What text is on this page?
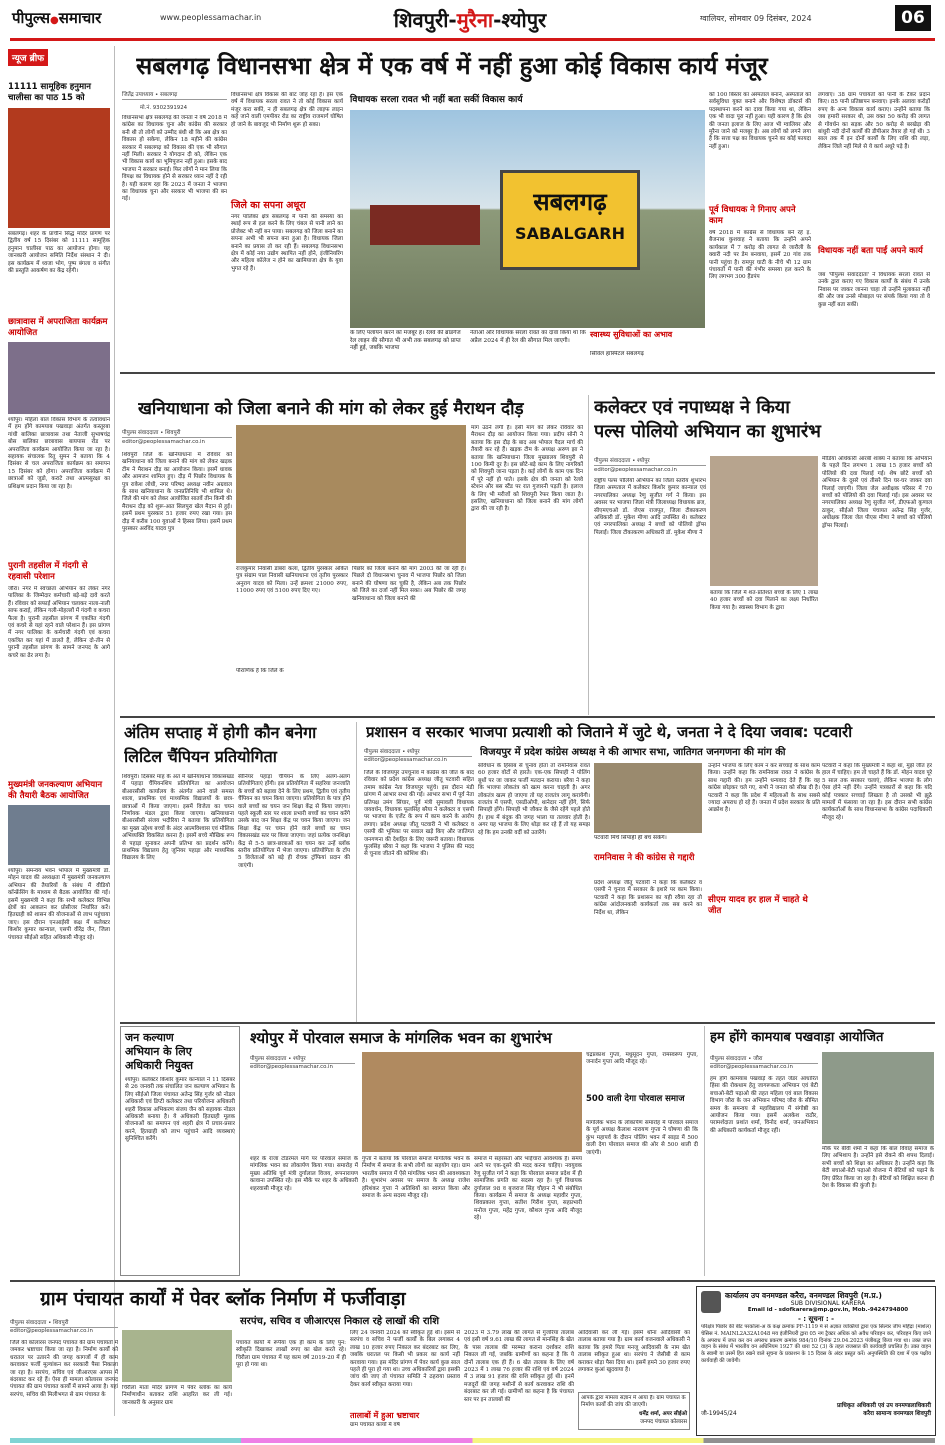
पीपुल्स●समाचार	www.peoplessamachar.in	शिवपुरी-मुरैना-श्योपुर	ग्वालियर, सोमवार 09 दिसंबर, 2024	06
न्यूज ब्रीफ
11111 सामूहिक हनुमान चालीसा का पाठ 15 को
सबलगढ़। शहर के प्राचीन सिद्ध मंदिर प्रांगण पर द्वितीय वर्ष 15 दिसंबर को 11111 सामूहिक हनुमान चालीसा पाठ का आयोजन होगा। यह जानकारी आयोजन समिति निर्देश संस्थान ने दी। इस कार्यक्रम में ध्वजा भोग, पुष्प बंगला व संगीत की प्रस्तुति आकर्षण का केंद्र रहेगी।
छात्रावास में अपराजिता कार्यक्रम आयोजित
श्योपुर। महिला बाल विकास विभाग के तत्वावधान में हम होंगे कामयाब पखवाड़ा अंतर्गत कस्तूरबा गांधी बालिका छात्रावास तथा नेताजी सुभाषचंद्र बोस बालिका छात्रावास बायपास रोड पर अपराजिता कार्यक्रम आयोजित किया जा रहा है। सहायक संचालक रितु सुमन ने बताया कि 4 दिसंबर से चल अपराजिता कार्यक्रम का समापन 15 दिसंबर को होगा। अपराजिता कार्यक्रम में छात्राओं को जूडो, कराटे तथा आत्मसुरक्षा का प्रशिक्षण प्रदान किया जा रहा है।
पुरानी तहसील में गंदगी से रहवासी परेशान
जौरा। नगर में स्वच्छता अभियान को लेकर नगर पालिका के जिम्मेदार कर्मचारी बड़े-बड़े दावे करते हैं। रविवार को सफाई अभियान चलाकर नाला-नाली साफ कराई, लेकिन गली-मोहल्लों में गंदगी व कचरा फैला है। पुरानी तहसील प्रांगण में एकत्रित गंदगी एवं कचरे से यहां रहने वाले परेशान हैं। इस प्रांगण में नगर पालिका के कर्मचारी गंदगी एवं कचरा एकत्रित कर यहां में डालते हैं, लेकिन दो-तीन से पुरानी तहसील प्रांगण के सामने जनपद के आगे कचरे का ढेर लगा है।
मुख्यमंत्री जनकल्याण अभियान की तैयारी बैठक आयोजित
श्योपुर। समन्वय भवन भोपाल में मुख्यमंत्री डॉ. मोहन यादव की अध्यक्षता में मुख्यमंत्री जनकल्याण अभियान की तैयारियों के संबंध में वीडियो कॉन्फ्रेंसिंग के माध्यम से बैठक आयोजित की गई। इसमें मुख्यमंत्री ने कहा कि सभी कलेक्टर विभिन्न क्षेत्रों का आकलन कर प्रोसीजर निर्धारित करें। हितग्राही को शासन की योजनाओं से लाभ पहुंचाया जाए। इस दौरान एनआईसी कक्ष में कलेक्टर किशोर कुमार कान्याल, एसपी वीरेंद्र जैन, जिला पंचायत सीईओ सहित अधिकारी मौजूद रहे।
सबलगढ़ विधानसभा क्षेत्र में एक वर्ष में नहीं हुआ कोई विकास कार्य मंजूर
जितेंद्र उपाध्याय • सबलगढ़
मो.नं. 9302391924
विधानसभा क्षेत्र सबलगढ़ की जनता ने वर्ष 2018 में कांग्रेस का विधायक चुना और कांग्रेस की सरकार बनी थी तो लोगों को उम्मीद बंधी थी कि अब क्षेत्र का विकास हो सकेगा, लेकिन 18 महीने की कांग्रेस सरकार में सबलगढ़ को विकास की एक भी सौगात नहीं मिली। सरकार ने योगदान दी को, लेकिन एक भी विकास कार्य का भूमिपूजन नहीं हुआ। इसके बाद भाजपा ने सरकार बनाई। फिर लोगों ने मान लिया कि विपक्ष का विधायक होने से सरकार ध्यान नहीं दे रही है। यही कारण रहा कि 2023 में जनता ने भाजपा का विधायक चुना और सरकार भी भाजपा की बन गई।
विधानसभा क्षेत्र विकास की बाट जोह रहा है। इस एक वर्ष में विधायक सरला रावत ने तो कोई विकास कार्य मंजूर करा सकीं, न ही सबलगढ़ क्षेत्र की लाइफ लाइन कहे जाने वाली एमपीयर रोड का राष्ट्रीय राजमार्ग घोषित हो जाने के बावजूद भी निर्माण शुरू हो सका।
जिले का सपना अधूरा
नगर पालिका क्षेत्र सबलगढ़ में पानी की समस्या का स्थाई रूप से हल करने के लिए चंबल से पानी लाने का प्रोजेक्ट भी नहीं बन पाया। सबलगढ़ को जिला बनाने का सपना अभी भी सपना बना हुआ है। विधायक जिला बनाने का प्रयास तो कर रही हैं। सबलगढ़ विधानसभा क्षेत्र में कोई नया उद्योग स्थापित नहीं होने, इंजीनियरिंग और महिला कॉलेज न होने का खामियाजा क्षेत्र के युवा भुगत रहे हैं।
विधायक सरला रावत भी नहीं बता सकीं विकास कार्य
सबलगढ़
SABALGARH
के लिए पलायन करने को मजबूर हैं। रेलवे की ब्रॉडगेज रेल लाइन की सौगात भी अभी तक सबलगढ़ को प्राप्त नहीं हुई, जबकि भाजपा
नेताओं और विधायक सरला रावत का दावा किया था कि अप्रैल 2024 में ही रेल की सौगात मिल जाएगी।
स्वास्थ्य सुविधाओं का अभाव
सिविल हॉस्पिटल सबलगढ़
को 100 बिस्तर का अस्पताल बनाने, अस्पताल को सर्वसुविधा युक्त बनाने और विशेषज्ञ डॉक्टर्स की पदस्थापना करने का दावा किया गया था, लेकिन एक भी वादा पूरा नहीं हुआ। यही कारण है कि क्षेत्र की जनता इलाज के लिए आज भी ग्वालियर और मुरैना जाने को मजबूर है। अब लोगों को लगने लगा है कि सत्ता पक्ष का विधायक चुनने का कोई फायदा नहीं हुआ।
पूर्व विधायक ने गिनाए अपने काम
वर्ष 2018 में कांग्रेस से विधायक बने रहे इं. बैजनाथ कुशवाह ने बताया कि उन्होंने अपने कार्यकाल में 7 करोड़ की लागत से जारौली के क्वारी नदी पर डेम बनवाया, इसमें 20 गांव तक पानी पहुंचा है। रामपुर घाटी के नीचे भी 12 ग्राम पंचायतों में पानी की गंभीर समस्या हल करने के लिए लगभग 300 हैंडपंप
लगवाए। 38 ग्राम पंचायतों को पानी के टैंकर प्रदान किए। 85 पानी प्रतिष्ठापन बनवाए। इनके अलावा करोड़ों रुपए के अन्य विकास कार्य कराए। उन्होंने बताया कि जब हमारी सरकार थी, उस वक्त 50 करोड़ की लागत से गोवर्धन का सड़क और 50 करोड़ से बरखेड़ा की बांधुरी नदी दोनों कार्यों की डीपीआर तैयार हो गई थी। 3 साल तक मैं इन दोनों कार्यों के लिए राशि की लड़ा, लेकिन जिले नहीं मिले से ये कार्य अधूरे पड़े हैं।
विधायक नहीं बता पाईं अपने कार्य
जब 'पीपुल्स संवाददाता' ने विधायक सरला रावत से उनके द्वारा कराए गए विकास कार्यों के संबंध में उनके निवास पर जाकर जानना चाहा तो उन्होंने मुलाकात नहीं की और जब उनसे मोबाइल पर संपर्क किया गया तो वे कुछ नहीं बता सकीं।
खनियाधाना को जिला बनाने की मांग को लेकर हुई मैराथन दौड़
पीपुल्स संवाददाता • शिवपुरी
editor@peoplessamachar.co.in
शिवपुरी जिले के खनियाधाना में रविवार को खनियाधाना को जिला बनाने की मांग को लेकर खड़क टीम ने मैराथन दौड़ का आयोजन किया। इसमें धावक और आमजन शामिल हुए। दौड़ में पिछोर विधायक के पुत्र राकेश लोधी, नगर परिषद अध्यक्ष नवीन अग्रवाल के साथ खनियाधाना के जनप्रतिनिधि भी शामिल थे। जिले की मांग को लेकर आयोजित सातवें तीन किमी की मैराथन दौड़ को शुरू-आत सिलपुरा खेल मैदान से हुई। इसमें प्रथम पुरस्कार 51 हजार रुपए रखा गया। इस दौड़ में करीब 100 युवाओं ने हिस्सा लिया। इसमें प्रथम पुरस्कार अरविंद यादव पुत्र
राजकुमार निवासी डाबरा कलां, द्वितीय पुरस्कार अंकित पुत्र संग्राम पाल निवासी खनियाधाना एवं तृतीय पुरस्कार अनुराग यादव को मिला। उन्हें क्रमशः 21000 रुपए, 11000 रुपए एवं 5100 रुपए दिए गए।
पिछोर को जिला बनाने की मांग 2003 की जा रही है। पिछले दो विधानसभा चुनाव में भाजपा पिछोर को जिला बनाने की घोषणा कर चुकी है, लेकिन अब तक पिछोर को जिले का दर्जा नहीं मिल सका। अब पिछोर की जगह खनियाधाना को जिला बनाने की
पौराणिक है कि जिले के
मांग उठने लगी है। इसी मांग को लेकर रविवार को मैराथन दौड़ का आयोजन किया गया। प्रदीप सोनी ने बताया कि इस दौड़ के बाद अब भोपाल पैदल मार्च की तैयारी कर रहे हैं। खड़क टीम के अध्यक्ष अरुण झा ने बताया कि खनियाधाना जिला मुख्यालय शिवपुरी से 100 किमी दूर है। इस छोटे-बड़े काम के लिए नागरिकों को शिवपुरी जाना पड़ता है। कई लोगों के काम एक दिन में पूरे नहीं हो पाते। इसके क्षेत्र की जनता को रेलवे स्टेशन और बस स्टैंड पर रात गुजारनी पड़ती है। इलाज के लिए भी मरीजों को शिवपुरी रेफर किया जाता है। इसलिए, खनियाधाना को जिला बनाने की मांग लोगों द्वारा की जा रही है।
कलेक्टर एवं नपाध्यक्ष ने किया
पल्स पोलियो अभियान का शुभारंभ
पीपुल्स संवाददाता • श्योपुर
editor@peoplessamachar.co.in
राष्ट्रीय पल्स पोलियो अभियान का जिला स्तरीय शुभारंभ जिला अस्पताल में कलेक्टर किशोर कुमार कान्याल एवं नगरपालिका अध्यक्ष रेणु सुजीत गर्ग ने किया। इस अवसर पर भाजपा जिला मंत्री जिलाध्यक्ष विधायक ब्रज, सीएमएचओ डॉ. जेएस राजपूत, जिला टीकाकरण अधिकारी डॉ. मुकेश मीणा आदि उपस्थित थे। कलेक्टर एवं नगरपालिका अध्यक्ष ने बच्चों को पोलियो ड्रॉप्स पिलाईं। जिला टीकाकरण अधिकारी डॉ. मुकेश मीणा ने
बताया कि जिले में शत-प्रतिशत बच्चों के लिए 1 लाख 40 हजार बच्चों को दवा पिलाने का लक्ष्य निर्धारित किया गया है। स्वास्थ्य विभाग के द्वारा
मीडिया अधिकारी आरबी शाक्य ने बताया कि अभियान के पहले दिन लगभग 1 लाख 15 हजार बच्चों को पोलियो की दवा पिलाई गई। शेष छोटे बच्चों को अभियान के दूसरे एवं तीसरे दिन घर-घर जाकर दवा पिलाई जाएगी। जिला जेल अधीक्षक परिसर में 70 बच्चों को पोलियो की दवा पिलाई गई। इस अवसर पर नगरपालिका अध्यक्ष रेणु सुजीत गर्ग, डीएफओ कुणाल ठाकुर, सीईओ जिला पंचायत अतेन्द्र सिंह गुर्जर, अधीक्षक जिला जेल पीएस मीणा ने बच्चों को पोलियो ड्रॉप्स पिलाई।
अंतिम सप्ताह में होगी कौन बनेगा
लिटिल चैंपियन प्रतियोगिता
शिवपुरी। दिसंबर माह के अंत में खनियाधाना विकासखंड में पहाड़ा चैंपियनशिप प्रतियोगिता का आयोजन बीआरसीसी कार्यालय के अंतर्गत आने वाले समस्त शाला, प्राथमिक एवं माध्यमिक विद्यालयों के छात्र-छात्राओं में किया जाएगा। इसमें विजेता का चयन निर्णायक मंडल द्वारा किया जाएगा। खनियाधाना बीआरसीसी संजय भदौरिया ने बताया कि प्रतियोगिता का मुख्य उद्देश्य बच्चों के अंदर आत्मविश्वास एवं मौलिक अभिव्यक्ति विकसित करना है। इसमें बच्चे मौखिक रूप से पहाड़ा सुनाकर अपनी प्रतिभा का प्रदर्शन करेंगे। प्राथमिक विद्यालय हेतु जूनियर पहाड़ा और माध्यमिक विद्यालय के लिए
सीनियर पहाड़ा चैंपियन के लिए अलग-अलग प्रतियोगिताएं होंगी। इस प्रतियोगिता में सहरिया जनजाति के बच्चों को बढ़ावा देने के लिए प्रथम, द्वितीय एवं तृतीय चैंपियन का चयन किया जाएगा। प्रतियोगिता के पात्र होने वाले बच्चों का चयन जन शिक्षा केंद्र से किया जाएगा। पहले स्कूली स्तर पर शाला प्रभारी बच्चों का चयन करेंगे उसके बाद जन शिक्षा केंद्र पर चयन किया जाएगा। जन शिक्षा केंद्र पर चयन होने वाले बच्चों का चयन विकासखंड स्तर पर किया जाएगा। जहां प्रत्येक जनशिक्षा केंद्र से 5-5 छात्र-छात्राओं का चयन कर उन्हें ब्लॉक स्तरीय प्रतियोगिता में भेजा जाएगा। प्रतियोगिता के टॉप 5 विजेताओं को बड़े ही रोचक ट्रॉफियां प्रदान की जाएंगी।
प्रशासन व सरकार भाजपा प्रत्याशी को जिताने में जुटे थे, जनता ने दे दिया जवाब: पटवारी
पीपुल्स संवाददाता • श्योपुर
editor@peoplessamachar.co.in
विजयपुर में प्रदेश कांग्रेस अध्यक्ष ने की आभार सभा, जातिगत जनगणना की मांग की
जिले के विजयपुर उपचुनाव में कांग्रेस की जीत के बाद रविवार को प्रदेश कांग्रेस अध्यक्ष जीतू पटवारी सहित तमाम कांग्रेस नेता विजयपुर पहुंचे। इस दौरान मंडी प्रांगण में आभार सभा की गई। आभार सभा में पूर्व नेता प्रतिपक्ष उमंग सिंघार, पूर्व मंत्री सुमावली विधायक जयवर्धन, विधायक फूलसिंह बरैया ने कलेक्टर व एसपी पर भाजपा के एजेंट के रूप में काम करने के आरोप लगाए। प्रदेश अध्यक्ष जीतू पटवारी ने भी कलेक्टर व एसपी की भूमिका पर सवाल खड़े किए और जातिगत जनगणना की देशहित के लिए जरूरी बताया। विधायक फूलसिंह बरैया ने कहा कि भाजपा ने पुलिस की मदद से चुनाव जीतने की कोशिश की।
संविधान के हिसाब से चुनाव होता तो रामनिवास रावत 60 हजार वोटों से हारते। एक-एक सिपाही ने पोलिंग बूथों पर जा जाकर फर्जी मतदान कराया। बरैया ने कहा कि भाजपा लोकतंत्र को खत्म करना चाहती है। अगर लोकतंत्र खत्म हो जाएगा तो यह राजतंत्र लागू करायेगी। राजतंत्र में एसपी, एसडीओपी, थानेदार नहीं होंगे, सिर्फ सिपाही होंगे। सिपाही भी जौकर के जैसे रहेंगे पहले होते हैं। हाथ में बंदूक की जगह भाला या तलवार होती है। अगर यह भाजपा के लिए थोड़ा कर रहे हैं तो यह समझ रहे कि हम उनकी वर्दी को उतारेंगे।
पटवारी मिर्चे सिपाही ही बच सकेंगे।
रामनिवास ने की कांग्रेस से गद्दारी
प्रदेश अध्यक्ष जीतू पटवारी ने कहा कि कलेक्टर व एसपी ने चुनाव में सरकार के इशारे पर काम किया। पटवारी ने कहा कि प्रशासन का यही रवैया रहा तो कांग्रेस आंदोलनकारी कार्यकर्ता तक सब करने का निर्देश था, लेकिन
उन्होंने भाजपा के लिए काम न कर सच्चाई के साथ काम किया। उन्होंने कहा कि रामनिवास रावत ने कांग्रेस के साथ गद्दारी की। हम उन्होंने धन्यवाद देते हैं कि वह कांग्रेस छोड़कर चले गए, सभी ने जनता को सीख दी है। पटवारी ने कहा कि प्रदेश में महिलाओं के साथ सबसे ज्यादा अपराध हो रहे हैं। जनता में प्रदेश सरकार के प्रति आक्रोश है।
सीएम यादव हर हाल में चाहते थे जीत
पटवारी ने कहा कि मुख्यमंत्री ने कहा था, मुझे जीत हर हाल में चाहिए। हम तो चाहते हैं कि डॉ. मोहन यादव पूरे 5 साल तक सरकार चलाएं, लेकिन भाजपा के लोग ऐसा होने नहीं देंगे। उन्होंने पत्रकारों से कहा कि यदि कोई पत्रकार सच्चाई लिखता है तो उसको भी झूठे मामलों में फंसाया जा रहा है। इस दौरान सभी कांग्रेस कार्यकर्ताओं के साथ विधानसभा के कांग्रेस पदाधिकारी मौजूद रहे।
जन कल्याण
अभियान के लिए
अधिकारी नियुक्त
श्योपुर। कलेक्टर किशोर कुमार कान्याल ने 11 दिसंबर से 26 जनवरी तक संचालित जन कल्याण अभियान के लिए सीईओ जिला पंचायत अतेन्द्र सिंह गुर्जर को नोडल अधिकारी एवं डिप्टी कलेक्टर तथा परियोजना अधिकारी शहरी विकास अभिकरण संजय जैन को सहायक नोडल अधिकारी बनाया है। ये अधिकारी हितग्राही मूलक योजनाओं का समापन एवं शहरी क्षेत्र में प्रचार-प्रसार करने, हितग्राही को लाभ पहुंचाने आदि व्यवस्थाएं सुनिश्चित करेंगे।
श्योपुर में पोरवाल समाज के मांगलिक भवन का शुभारंभ
पीपुल्स संवाददाता • श्योपुर
editor@peoplessamachar.co.in
शहर के राजा टोडरमल मार्ग पर पोरवाल समाज के मांगलिक भवन का लोकार्पण किया गया। समारोह में मुख्य अतिथि पूर्व मंत्री दुर्गालाल विजय, रूपनारायण कावाना उपस्थित रहे। इस मौके पर शहर के अधिकारी शहरवासी मौजूद रहे।
गुप्ता ने बताया कि पोरवाल समाज मांगलिक भवन के निर्माण में समाज के सभी लोगों का सहयोग रहा। ग्राम भारतीय समाज में ऐसे मांगलिक भवन की आवश्यकता है। शुभारंभ अवसर पर समाज के अध्यक्ष राजेश हरिशंकर गुप्ता ने अतिथियों का स्वागत किया और समाज के अन्य सदस्य मौजूद रहे।
समाज में सहरसता और भाईचारा आवश्यक है। समय आने पर एक-दूसरे की मदद करना चाहिए। नवयुवक रेणु सुजीत गर्ग ने कहा कि पोरवाल समाज प्रदेश में ही सामाजिक प्रगति का सदस्य रहा है। पूर्व विधायक दुर्गालाल 98 व बृजराज सिंह चौहान ने भी संबोधित किया। कार्यक्रम में समाज के अध्यक्ष महावीर गुप्ता, शिवप्रकाश गुप्ता, सतीश गिरीश गुप्ता, सहप्रभारी मनोज गुप्ता, महेंद्र गुप्ता, कौशल गुप्ता आदि मौजूद रहे।
चंद्रप्रकाश गुप्ता, मधुसूदन गुप्ता, रामस्वरूप गुप्ता, जनार्दन गुप्ता आदि मौजूद रहे।
500 वाली देगा पोरवाल समाज
मांगलिक भवन के लोकार्पण समारोह में पोरवाल समाज के पूर्व अध्यक्ष कैलाश नारायण गुप्ता ने घोषणा की कि कुंभ महापर्व के दौरान पोलिंग भवन में साइड में 500 वाली देगा पोरवाल समाज की ओर से 500 थाली दी जाएंगी।
हम होंगे कामयाब पखवाड़ा आयोजित
पीपुल्स संवाददाता • जौरा
editor@peoplessamachar.co.in
हम होंगे कामयाब पखवाड़े के तहत जेंडर आधारित हिंसा की रोकथाम हेतु जागरूकता अभियान एवं बेटी बचाओ-बेटी पढ़ाओ की तहत महिला एवं बाल विकास विभाग जौरा के जन अभियान परिषद जौरा के सीमित समय के समन्वय से महाविद्यालय में संगोष्ठी का आयोजन किया गया। इसमें अलकेश राठौर, परामर्शदाता प्रशांत शर्मा, विनोद शर्मा, जनअभियान की अधिकारी कार्यकर्ता मौजूद रहीं।
मौके पर बीवी शर्मा ने कहा कि बाल विवाह समाज के लिए अभिशाप है। उन्होंने इसे रोकने की शपथ दिलाई। सभी बच्चों को शिक्षा का अधिकार है। उन्होंने कहा कि बेटी बचाओ-बेटी पढ़ाओ योजना में बेटियों को पढ़ाने के लिए प्रेरित किया जा रहा है। बेटियों को शिक्षित करना ही देश के विकास की कुंजी है।
ग्राम पंचायत कार्यों में पेवर ब्लॉक निर्माण में फर्जीवाड़ा
सरपंच, सचिव व जीआरएस निकाल रहे लाखों की राशि
पीपुल्स संवाददाता • शिवपुरी
editor@peoplessamachar.co.in
जिले की कोलारस जनपद पंचायत की ग्राम पंचायतों में जमकर भ्रष्टाचार किया जा रहा है। निर्माण कार्यों को धरातल पर उतारने की जगह कागजों में ही काम करवाकर फर्जी मूल्यांकन कर सरकारी पैसा निकाला जा रहा है। सरपंच, सचिव एवं जीआरएस आपस में बंदरबाट कर रहे हैं। ऐसा ही मामला कोलारस जनपद पंचायत की ग्राम पंचायत कार्यों में सामने आया है। यहां सरपंच, सचिव की मिलीभगत से ग्राम पंचायत के
चिरौला माता मंदिर प्रांगण में पेवर ब्लॉक का कार्य निर्माणाधीन बताकर राशि आहरित कर ली गई। जानकारी के अनुसार ग्राम
पंचायत कार्यों में रूपैया एक ही काम के लिए पुन: स्वीकृति दिखाकर लाखों रुपए का खेल करते रहे। चिरौला ग्राम पंचायत में यह काम वर्ष 2019-20 में ही पूरा हो गया था।
लिए 24 जनवरी 2024 को स्वीकृत हुई थी। इसमें से सरपंच व सचिव ने फर्जी कार्यों के बिल लगाकर 4 लाख 10 हजार रुपए निकाल कर बंदरबाट कर लिए, जबकि धरातल पर किसी भी प्रकार का कार्य नहीं करवाया गया। इस मंदिर प्रांगण में पेवर कार्य कुछ साल पहले ही पूरा हो गया था। उच्च अधिकारियों द्वारा इसकी जांच की जाए तो पंचायत समिति ने ठहराया प्रस्ताव देकर कार्य स्वीकृत कराया गया।
तालाबों में हुआ भ्रष्टाचार
ग्राम पंचायत कार्यों में वर्ष
2023 में 3.79 लाख की लागत से गुजरिया तालाब एवं इसी वर्ष 9.61 लाख की लागत से मानसिंह के खेत के पास तालाब की मरम्मत कराना दर्शाकर राशि निकाल ली गई, जबकि ग्रामीणों का कहना है कि ये दोनों तालाब एक ही हैं। 6 खेत तालाब के लिए वर्ष 2023 में 1 लाख 76 हजार की राशि एवं वर्ष 2024 में 3 लाख 91 हजार की राशि स्वीकृत हुई थी। इनमें मजदूरों की जगह मशीनों से कार्य करवाकर राशि की बंदरबाट कर ली गई। ग्रामीणों का कहना है कि पंचायत स्तर पर इन तालाबों की
आदिवासी कर ली गई। इसमें थौंना आदिवासी का तालाब बताया गया है। ग्राम कार्य वजनवाले अधिकारी ने बताया कि हमारे पिता मनजू आदिवासी के नाम खेत तालाब स्वीकृत हुआ था। सरपंच ने जेसीबी से काम कराकर थोड़ा पैसा दिया था। इसमें हमने 30 हजार रुपए लगाकर कुआं खुदवाया है।
आपके द्वारा मामला संज्ञान में आया है। ग्राम पंचायत के निर्माण कार्यों की जांच की जाएगी।
धर्मेंद्र शर्मा, अपर सीईओ
जनपद पंचायत कोलारस
कार्यालय उप वनमण्डल करैरा, वनमण्डल शिवपुरी (म.प्र.)
SUB DIVISIONAL KARERA
Email id - sdofkarera@mp.gov.in, Mob.-9424794800
- : सूचना : -
परिक्षेत्र पिछोर की बीट परकोला-अ के कक्ष क्रमांक PF-1119 में से अज्ञात व्यक्तियों द्वारा एक सिल्वर जीप महिंद्रा (मार्शल) चेसिस नं. MAINL2A32A1048 मय इंजीनियरी द्वारा 05 नग ट्रैक्टर अधिक को अवैध परिवहन कर, परिवहन किए जाने के अपराध में जप्त कर वन अपराध प्रकरण क्रमांक 984/10 दिनांक 29.04.2023 पंजीबद्ध किया गया था। उक्त जप्त वाहन के संबंध में भारतीय वन अधिनियम 1927 की धारा 52 (3) के तहत राजसात की कार्यवाही प्रचलित है। उक्त वाहन के स्वामी या उसमें हित रखने वाले सूचना के प्रकाशन के 15 दिवस के अंदर प्रस्तुत करें। अनुपस्थिति की दशा में एक पक्षीय कार्यवाही की जावेगी।
प्राधिकृत अधिकारी एवं उप वनमण्डलाधिकारी
जी-19945/24	करैरा सामान्य वनमण्डल शिवपुरी
